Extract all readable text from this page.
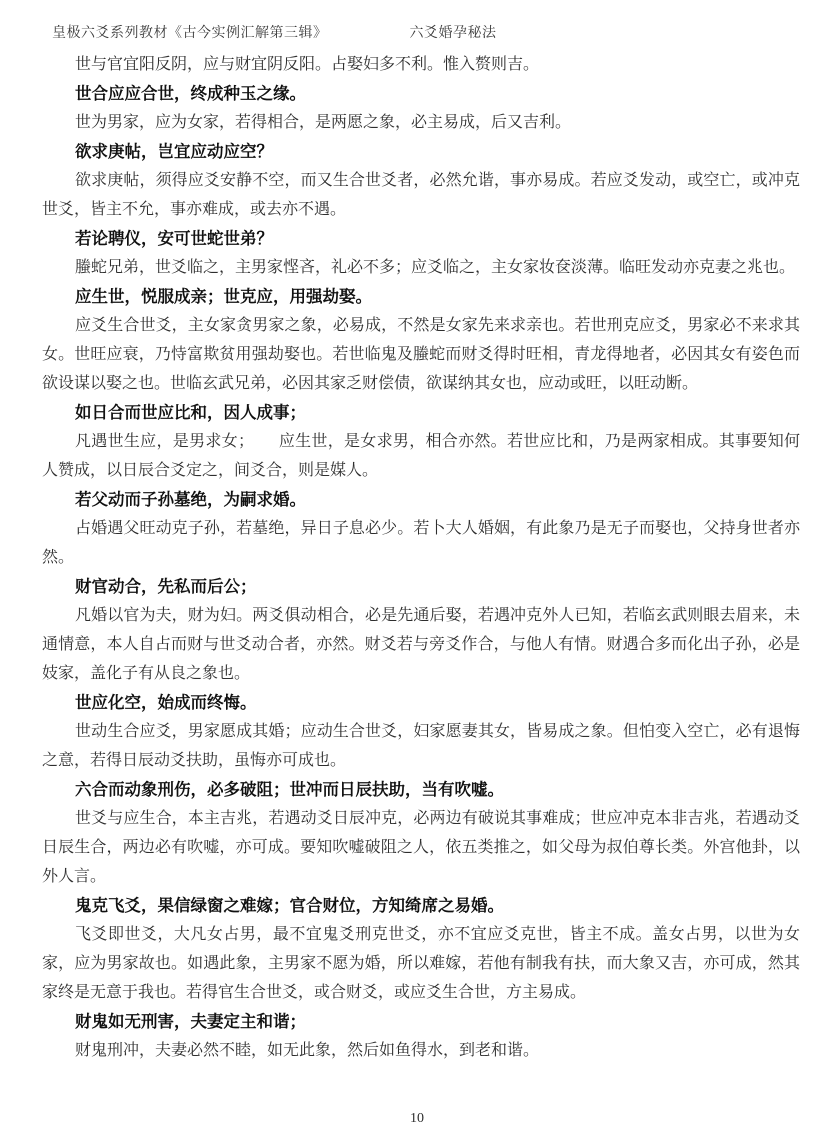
皇极六爻系列教材《古今实例汇解第三辑》	六爻婚孕秘法

世与官宜阳反阴，应与财宜阴反阳。占娶妇多不利。惟入赘则吉。

世合应应合世，终成种玉之缘。

世为男家，应为女家，若得相合，是两愿之象，必主易成，后又吉利。

欲求庚帖，岂宜应动应空？

欲求庚帖，须得应爻安静不空，而又生合世爻者，必然允谐，事亦易成。若应爻发动，或空亡，或冲克世爻，皆主不允，事亦难成，或去亦不遇。

若论聘仪，安可世蛇世弟？

螣蛇兄弟，世爻临之，主男家悭吝，礼必不多；应爻临之，主女家妆奁淡薄。临旺发动亦克妻之兆也。

应生世，悦服成亲；世克应，用强劫娶。

应爻生合世爻，主女家贪男家之象，必易成，不然是女家先来求亲也。若世刑克应爻，男家必不来求其女。世旺应衰，乃恃富欺贫用强劫娶也。若世临鬼及螣蛇而财爻得时旺相，青龙得地者，必因其女有姿色而欲设谋以娶之也。世临玄武兄弟，必因其家乏财偿债，欲谋纳其女也，应动或旺，以旺动断。

如日合而世应比和，因人成事；

凡遇世生应，是男求女；　　应生世，是女求男，相合亦然。若世应比和，乃是两家相成。其事要知何人赞成，以日辰合爻定之，间爻合，则是媒人。

若父动而子孙墓绝，为嗣求婚。

占婚遇父旺动克子孙，若墓绝，异日子息必少。若卜大人婚姻，有此象乃是无子而娶也，父持身世者亦然。

财官动合，先私而后公；

凡婚以官为夫，财为妇。两爻俱动相合，必是先通后娶，若遇冲克外人已知，若临玄武则眼去眉来，未通情意，本人自占而财与世爻动合者，亦然。财爻若与旁爻作合，与他人有情。财遇合多而化出子孙，必是妓家，盖化子有从良之象也。

世应化空，始成而终悔。

世动生合应爻，男家愿成其婚；应动生合世爻，妇家愿妻其女，皆易成之象。但怕变入空亡，必有退悔之意，若得日辰动爻扶助，虽悔亦可成也。

六合而动象刑伤，必多破阻；世冲而日辰扶助，当有吹嘘。

世爻与应生合，本主吉兆，若遇动爻日辰冲克，必两边有破说其事难成；世应冲克本非吉兆，若遇动爻日辰生合，两边必有吹嘘，亦可成。要知吹嘘破阻之人，依五类推之，如父母为叔伯尊长类。外宫他卦，以外人言。

鬼克飞爻，果信绿窗之难嫁；官合财位，方知绮席之易婚。

飞爻即世爻，大凡女占男，最不宜鬼爻刑克世爻，亦不宜应爻克世，皆主不成。盖女占男，以世为女家，应为男家故也。如遇此象，主男家不愿为婚，所以难嫁，若他有制我有扶，而大象又吉，亦可成，然其家终是无意于我也。若得官生合世爻，或合财爻，或应爻生合世，方主易成。

财鬼如无刑害，夫妻定主和谐；

财鬼刑冲，夫妻必然不睦，如无此象，然后如鱼得水，到老和谐。

10
